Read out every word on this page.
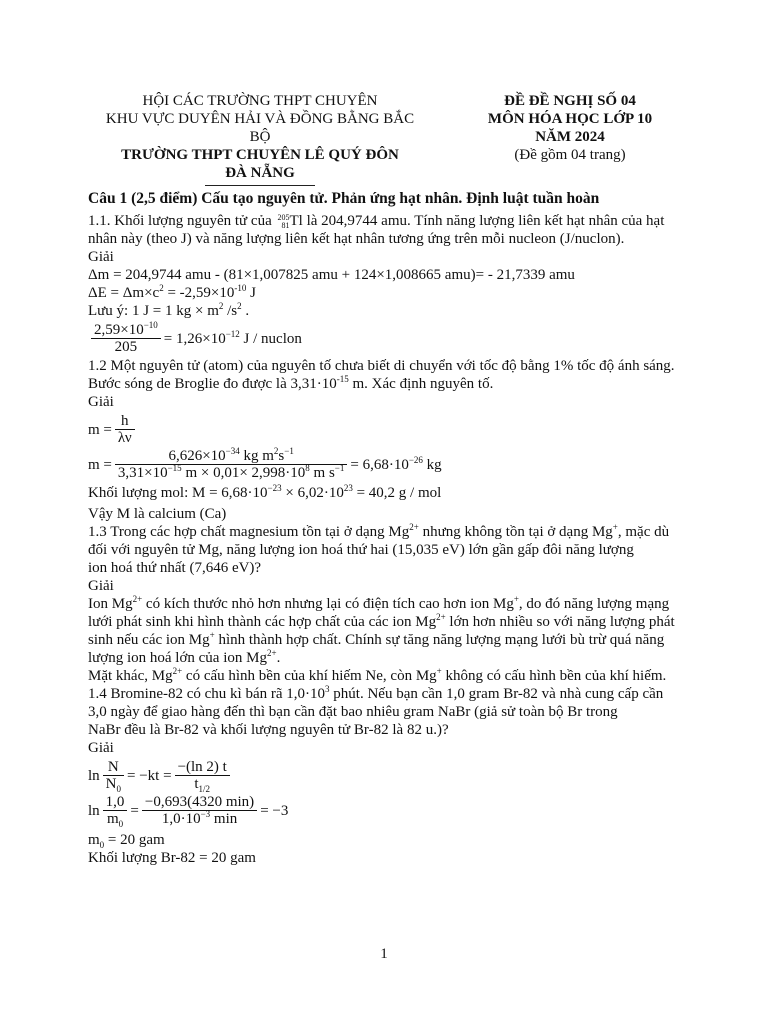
HỘI CÁC TRƯỜNG THPT CHUYÊN
KHU VỰC DUYÊN HẢI VÀ ĐỒNG BẰNG BẮC BỘ
TRƯỜNG THPT CHUYÊN LÊ QUÝ ĐÔN
ĐÀ NẴNG
ĐỀ ĐỀ NGHỊ SỐ 04
MÔN HÓA HỌC LỚP 10
NĂM 2024
(Đề gồm 04 trang)
Câu 1 (2,5 điểm) Cấu tạo nguyên tử. Phản ứng hạt nhân. Định luật tuần hoàn
1.1. Khối lượng nguyên tử của 205
81 Tl là 204,9744 amu. Tính năng lượng liên kết hạt nhân của hạt
nhân này (theo J) và năng lượng liên kết hạt nhân tương ứng trên mỗi nucleon (J/nuclon).
Giải
Δm = 204,9744 amu - (81×1,007825 amu + 124×1,008665 amu)= - 21,7339 amu
$\Delta E = \Delta m\times c^2 = -2,59\times 10^{-10}$ J
Lưu ý: 1 J = 1 kg × $m^2$ $/s^2$ .
$\frac{2,59\times 10^{-10}}{205} = 1,26\times 10^{-12}$ J / nuclon
1.2 Một nguyên tử (atom) của nguyên tố chưa biết di chuyển với tốc độ bằng 1% tốc độ ánh sáng.
Bước sóng de Broglie đo được là $3,31\cdot 10^{-15}$ m. Xác định nguyên tố.
Giải
$m = \frac{h}{\lambda\nu}$
$m = \frac{6,626\times 10^{-34} kg m^2s^{-1}}{3,31\times 10^{-15} m \times 0,01\times 2,998\cdot 10^8 m s^{-1}} = 6,68\cdot 10^{-26}$ kg
Khối lượng mol: $M = 6,68\cdot 10^{-23} \times 6,02\cdot 10^{23} = 40,2$ g / mol
Vậy M là calcium (Ca)
1.3 Trong các hợp chất magnesium tồn tại ở dạng $Mg^{2+}$ nhưng không tồn tại ở dạng Mg+, mặc dù
đối với nguyên tử Mg, năng lượng ion hoá thứ hai (15,035 eV) lớn gần gấp đôi năng lượng
ion hoá thứ nhất (7,646 eV)?
Giải
Ion $Mg^{2+}$ có kích thước nhỏ hơn nhưng lại có điện tích cao hơn ion Mg+, do đó năng lượng mạng
lưới phát sinh khi hình thành các hợp chất của các ion $Mg^{2+}$ lớn hơn nhiều so với năng lượng phát
sinh nếu các ion Mg+ hình thành hợp chất. Chính sự tăng năng lượng mạng lưới bù trừ quá năng
lượng ion hoá lớn của ion $Mg^{2+}$.
Mặt khác, $Mg^{2+}$ có cấu hình bền của khí hiếm Ne, còn Mg+ không có cấu hình bền của khí hiếm.
1.4 Bromine-82 có chu kì bán rã $1,0\cdot 10^3$ phút. Nếu bạn cần 1,0 gram Br-82 và nhà cung cấp cần
3,0 ngày để giao hàng đến thì bạn cần đặt bao nhiêu gram NaBr (giả sử toàn bộ Br trong
NaBr đều là Br-82 và khối lượng nguyên tử Br-82 là 82 u.)?
Giải
$\ln \frac{N}{N_0} = -kt = \frac{-(\ln 2) t}{t_{1/2}}$
$\ln \frac{1,0}{m_0} = \frac{-0,693(4320 \min)}{1,0\cdot 10^{-3} \min} = -3$
$m_0 = 20$ gam
Khối lượng Br-82 = 20 gam
1
